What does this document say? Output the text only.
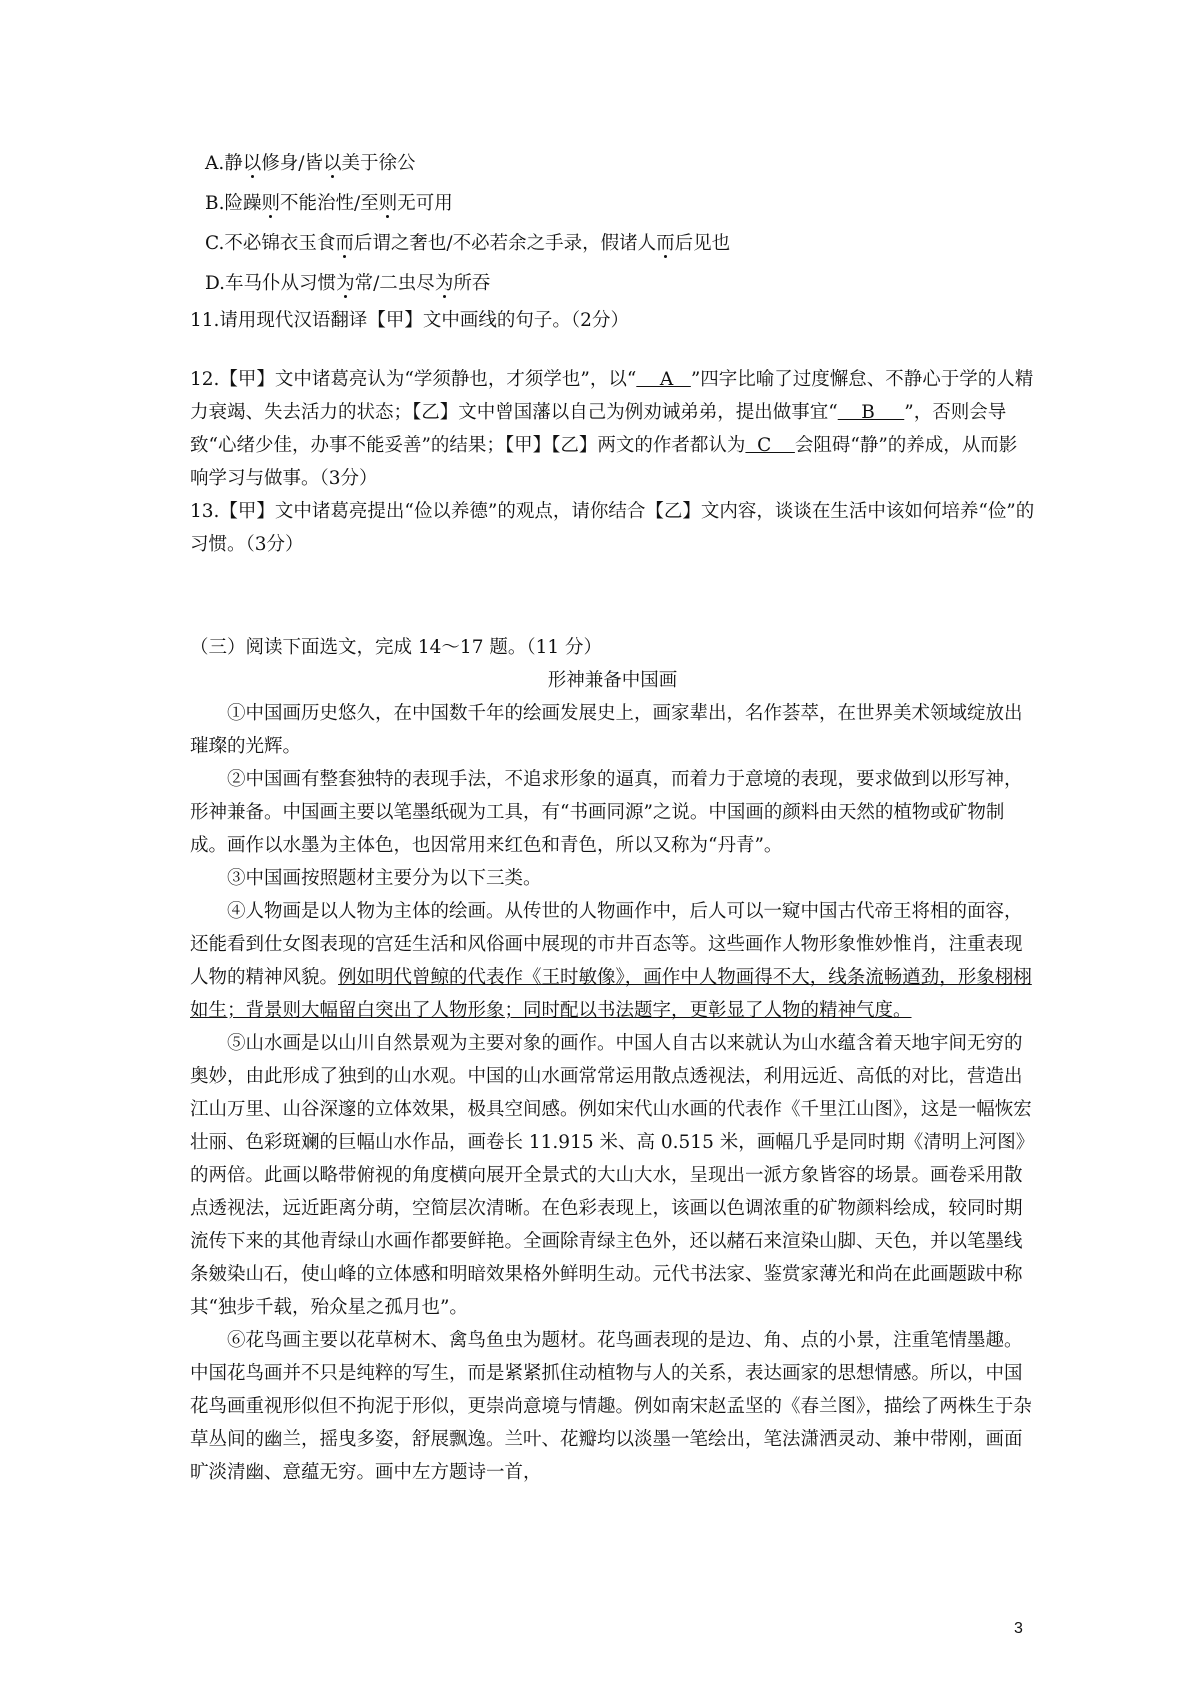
A.静以修身/皆以美于徐公
B.险躁则不能治性/至则无可用
C.不必锦衣玉食而后谓之奢也/不必若余之手录，假诸人而后见也
D.车马仆从习惯为常/二虫尽为所吞

11.请用现代汉语翻译【甲】文中画线的句子。（2分）

12.【甲】文中诸葛亮认为“学须静也，才须学也”，以“    A   ”四字比喻了过度懈怠、不静心于学的人精力衰竭、失去活力的状态；【乙】文中曾国藩以自己为例劝诫弟弟，提出做事宜“    B     ”，否则会导致“心绪少佳，办事不能妥善”的结果；【甲】【乙】两文的作者都认为  C    会阻碍“静”的养成，从而影响学习与做事。（3分）

13.【甲】文中诸葛亮提出“俭以养德”的观点，请你结合【乙】文内容，谈谈在生活中该如何培养“俭”的习惯。（3分）

（三）阅读下面选文，完成 14～17 题。（11 分）

形神兼备中国画

①中国画历史悠久，在中国数千年的绘画发展史上，画家辈出，名作荟萃，在世界美术领域绽放出璀璨的光辉。

②中国画有整套独特的表现手法，不追求形象的逼真，而着力于意境的表现，要求做到以形写神，形神兼备。中国画主要以笔墨纸砚为工具，有“书画同源”之说。中国画的颜料由天然的植物或矿物制成。画作以水墨为主体色，也因常用来红色和青色，所以又称为“丹青”。

③中国画按照题材主要分为以下三类。

④人物画是以人物为主体的绘画。从传世的人物画作中，后人可以一窥中国古代帝王将相的面容，还能看到仕女图表现的宫廷生活和风俗画中展现的市井百态等。这些画作人物形象惟妙惟肖，注重表现人物的精神风貌。例如明代曾鲸的代表作《王时敏像》，画作中人物画得不大，线条流畅遒劲，形象栩栩如生；背景则大幅留白突出了人物形象；同时配以书法题字，更彰显了人物的精神气度。

⑤山水画是以山川自然景观为主要对象的画作。中国人自古以来就认为山水蕴含着天地宇间无穷的奥妙，由此形成了独到的山水观。中国的山水画常常运用散点透视法，利用远近、高低的对比，营造出江山万里、山谷深邃的立体效果，极具空间感。例如宋代山水画的代表作《千里江山图》，这是一幅恢宏壮丽、色彩斑斓的巨幅山水作品，画卷长 11.915 米、高 0.515 米，画幅几乎是同时期《清明上河图》的两倍。此画以略带俯视的角度横向展开全景式的大山大水，呈现出一派方象皆容的场景。画卷采用散点透视法，远近距离分萌，空简层次清晰。在色彩表现上，该画以色调浓重的矿物颜料绘成，较同时期流传下来的其他青绿山水画作都要鲜艳。全画除青绿主色外，还以赭石来渲染山脚、天色，并以笔墨线条皴染山石，使山峰的立体感和明暗效果格外鲜明生动。元代书法家、鉴赏家薄光和尚在此画题跋中称其“独步千载，殆众星之孤月也”。

⑥花鸟画主要以花草树木、禽鸟鱼虫为题材。花鸟画表现的是边、角、点的小景，注重笔情墨趣。中国花鸟画并不只是纯粹的写生，而是紧紧抓住动植物与人的关系，表达画家的思想情感。所以，中国花鸟画重视形似但不拘泥于形似，更崇尚意境与情趣。例如南宋赵孟坚的《春兰图》，描绘了两株生于杂草丛间的幽兰，摇曳多姿，舒展飘逸。兰叶、花瓣均以淡墨一笔绘出，笔法潇洒灵动、兼中带刚，画面旷淡清幽、意蕴无穷。画中左方题诗一首，

3
